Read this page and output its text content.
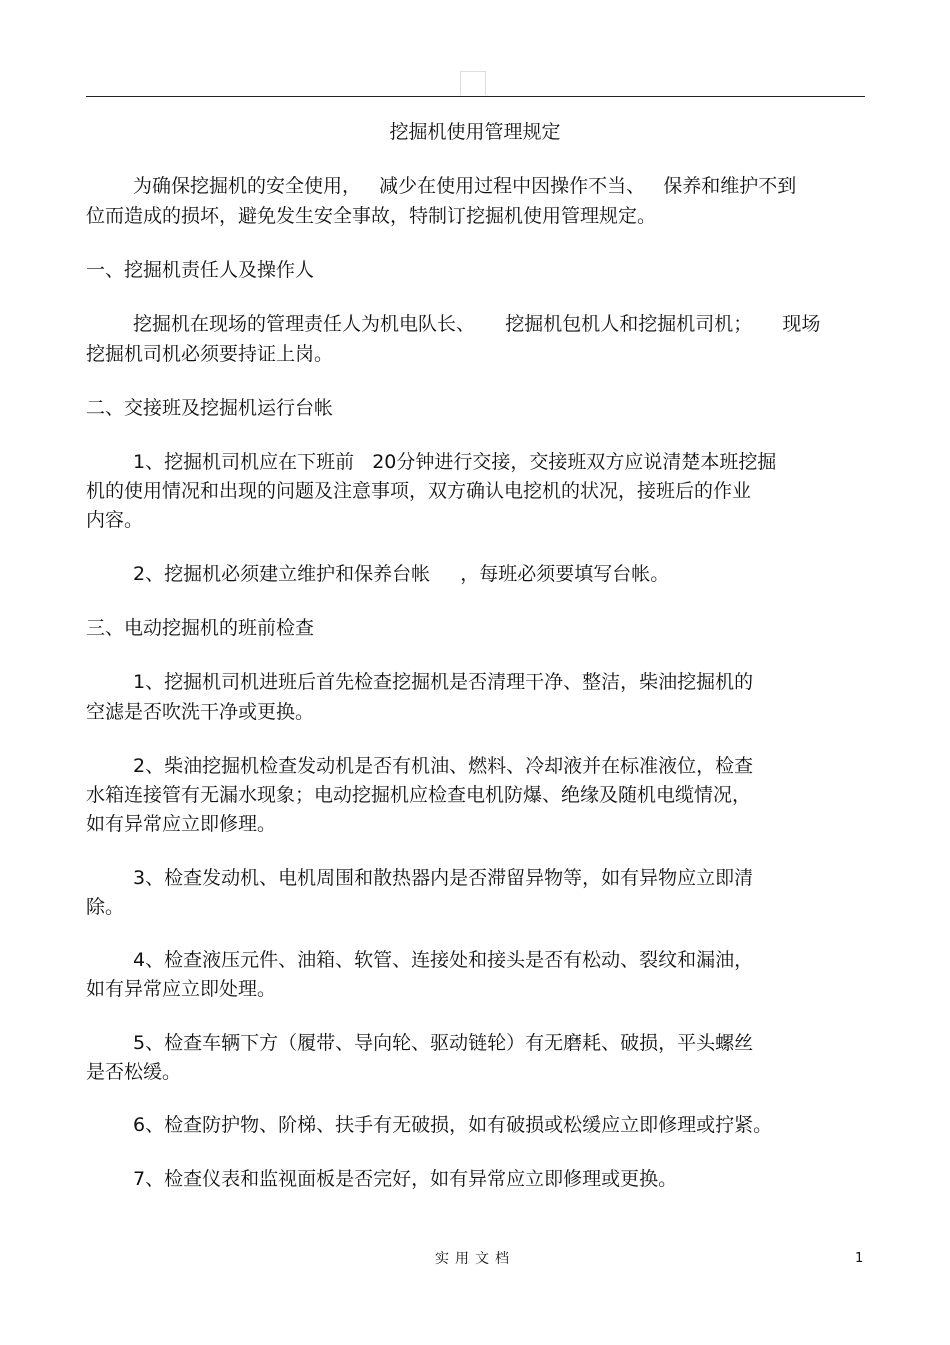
挖掘机使用管理规定
为确保挖掘机的安全使用，   减少在使用过程中因操作不当、   保养和维护不到
位而造成的损坏，避免发生安全事故，特制订挖掘机使用管理规定。
一、挖掘机责任人及操作人
挖掘机在现场的管理责任人为机电队长、     挖掘机包机人和挖掘机司机；     现场
挖掘机司机必须要持证上岗。
二、交接班及挖掘机运行台帐
1、挖掘机司机应在下班前   20分钟进行交接，交接班双方应说清楚本班挖掘
机的使用情况和出现的问题及注意事项，双方确认电挖机的状况，接班后的作业
内容。
2、挖掘机必须建立维护和保养台帐     ，每班必须要填写台帐。
三、电动挖掘机的班前检查
1、挖掘机司机进班后首先检查挖掘机是否清理干净、整洁，柴油挖掘机的
空滤是否吹洗干净或更换。
2、柴油挖掘机检查发动机是否有机油、燃料、冷却液并在标准液位，检查
水箱连接管有无漏水现象；电动挖掘机应检查电机防爆、绝缘及随机电缆情况，
如有异常应立即修理。
3、检查发动机、电机周围和散热器内是否滞留异物等，如有异物应立即清
除。
4、检查液压元件、油箱、软管、连接处和接头是否有松动、裂纹和漏油，
如有异常应立即处理。
5、检查车辆下方（履带、导向轮、驱动链轮）有无磨耗、破损，平头螺丝
是否松缓。
6、检查防护物、阶梯、扶手有无破损，如有破损或松缓应立即修理或拧紧。
7、检查仪表和监视面板是否完好，如有异常应立即修理或更换。
实用文档	1
